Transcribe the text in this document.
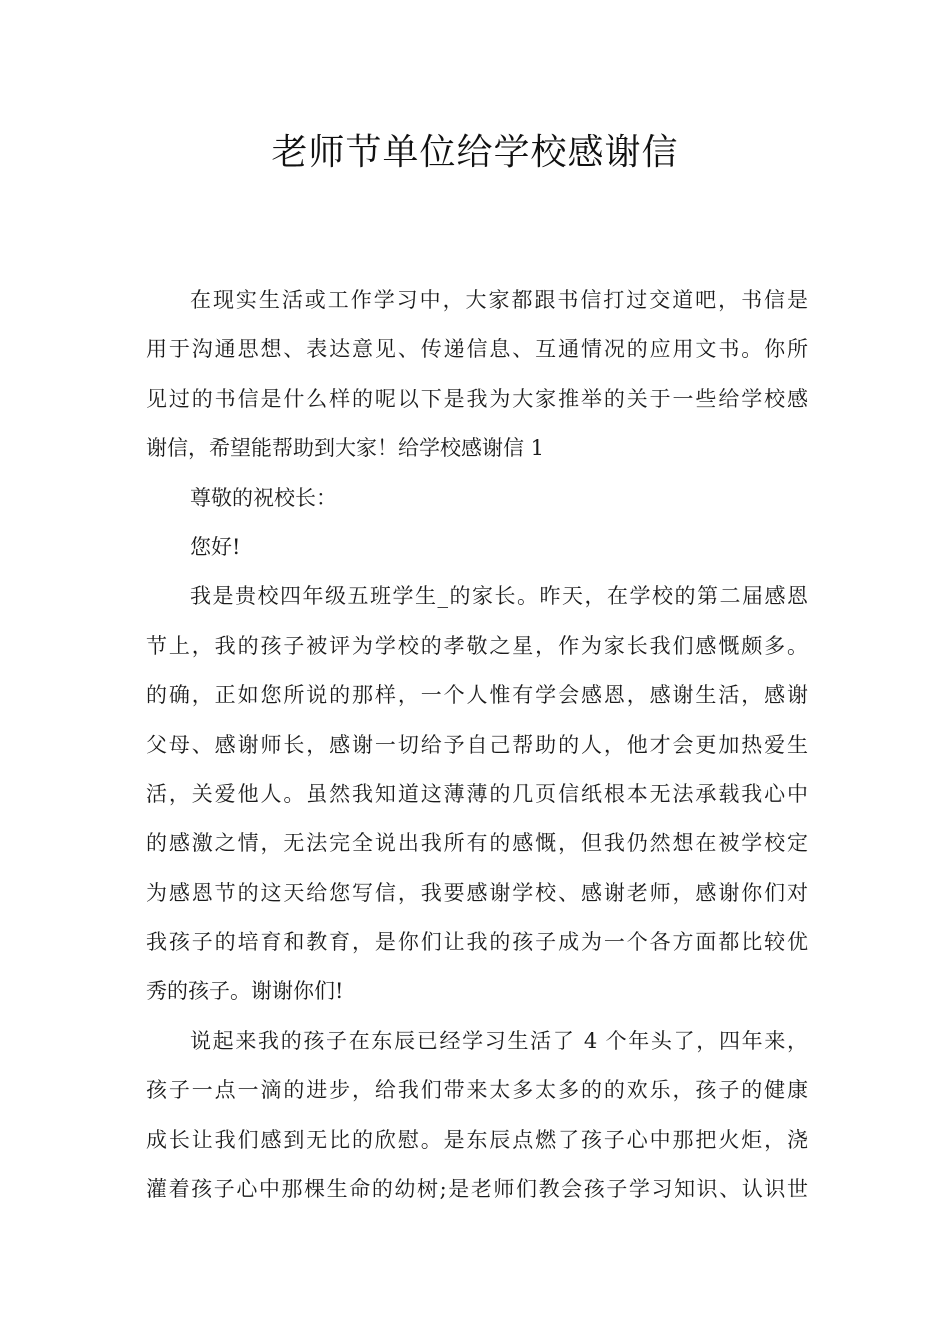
老师节单位给学校感谢信
在现实生活或工作学习中，大家都跟书信打过交道吧，书信是
用于沟通思想、表达意见、传递信息、互通情况的应用文书。你所
见过的书信是什么样的呢以下是我为大家推举的关于一些给学校感
谢信，希望能帮助到大家！给学校感谢信 1
尊敬的祝校长：
您好!
我是贵校四年级五班学生_的家长。昨天，在学校的第二届感恩
节上，我的孩子被评为学校的孝敬之星，作为家长我们感慨颇多。
的确，正如您所说的那样，一个人惟有学会感恩，感谢生活，感谢
父母、感谢师长，感谢一切给予自己帮助的人，他才会更加热爱生
活，关爱他人。虽然我知道这薄薄的几页信纸根本无法承载我心中
的感激之情，无法完全说出我所有的感慨，但我仍然想在被学校定
为感恩节的这天给您写信，我要感谢学校、感谢老师，感谢你们对
我孩子的培育和教育，是你们让我的孩子成为一个各方面都比较优
秀的孩子。谢谢你们!
说起来我的孩子在东辰已经学习生活了 4 个年头了，四年来，
孩子一点一滴的进步，给我们带来太多太多的的欢乐，孩子的健康
成长让我们感到无比的欣慰。是东辰点燃了孩子心中那把火炬，浇
灌着孩子心中那棵生命的幼树;是老师们教会孩子学习知识、认识世
